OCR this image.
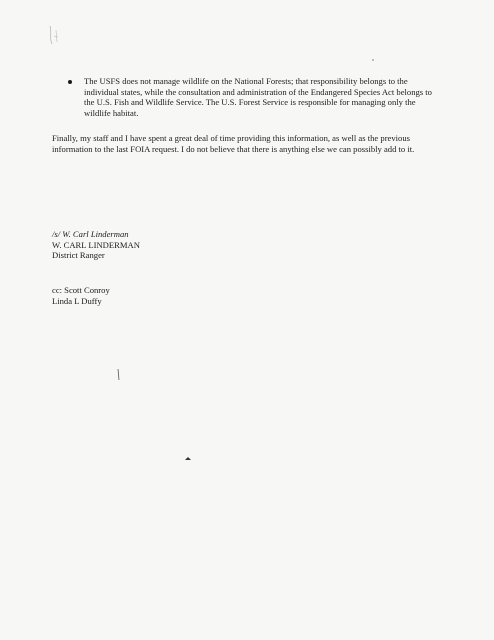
The USFS does not manage wildlife on the National Forests; that responsibility belongs to the individual states, while the consultation and administration of the Endangered Species Act belongs to the U.S. Fish and Wildlife Service. The U.S. Forest Service is responsible for managing only the wildlife habitat.

Finally, my staff and I have spent a great deal of time providing this information, as well as the previous information to the last FOIA request. I do not believe that there is anything else we can possibly add to it.

/s/ W. Carl Linderman
W. CARL LINDERMAN
District Ranger
cc: Scott Conroy
Linda L Duffy
